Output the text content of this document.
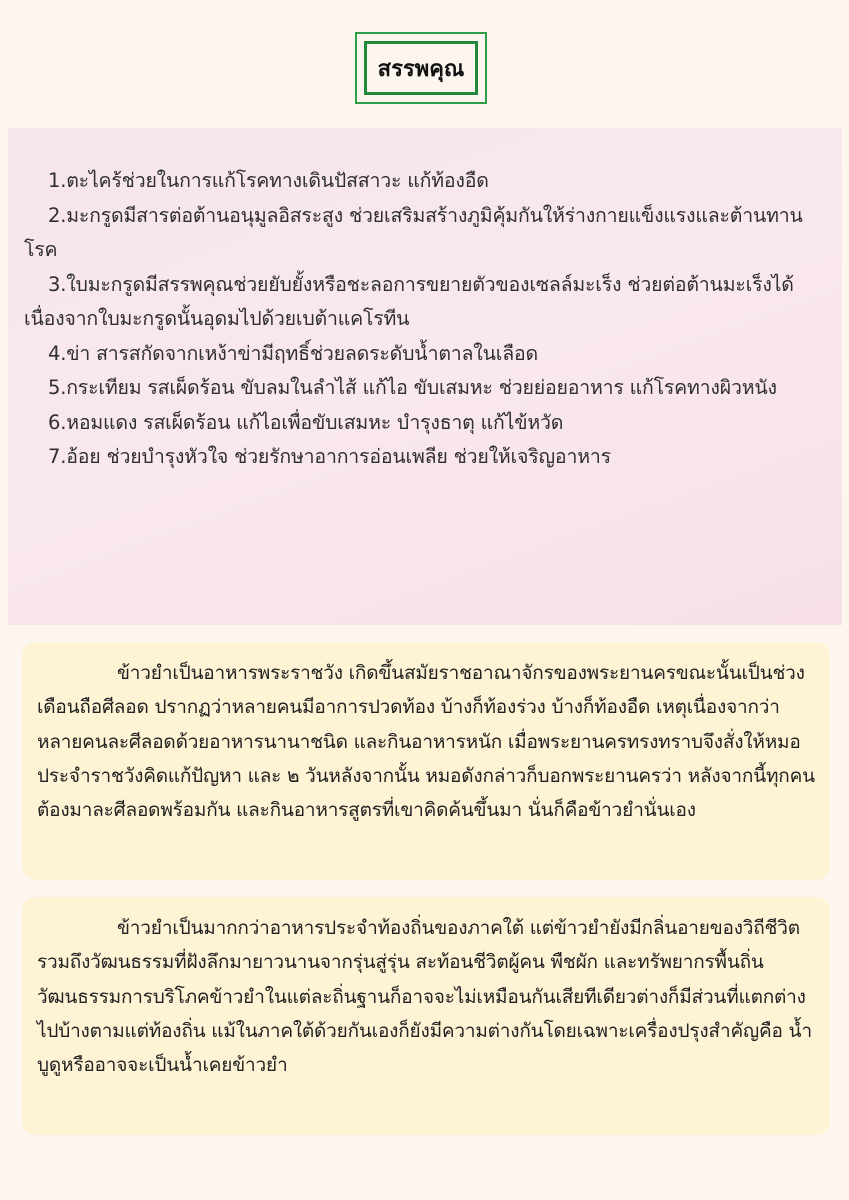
สรรพคุณ

1.ตะไคร้ช่วยในการแก้โรคทางเดินปัสสาวะ แก้ท้องอืด

2.มะกรูดมีสารต่อต้านอนุมูลอิสระสูง ช่วยเสริมสร้างภูมิคุ้มกันให้ร่างกายแข็งแรงและต้านทานโรค

3.ใบมะกรูดมีสรรพคุณช่วยยับยั้งหรือชะลอการขยายตัวของเซลล์มะเร็ง ช่วยต่อต้านมะเร็งได้ เนื่องจากใบมะกรูดนั้นอุดมไปด้วยเบต้าแคโรทีน

4.ข่า สารสกัดจากเหง้าข่ามีฤทธิ์ช่วยลดระดับน้ำตาลในเลือด

5.กระเทียม รสเผ็ดร้อน ขับลมในลำไส้ แก้ไอ ขับเสมหะ ช่วยย่อยอาหาร แก้โรคทางผิวหนัง

6.หอมแดง รสเผ็ดร้อน แก้ไอเพื่อขับเสมหะ บำรุงธาตุ แก้ไข้หวัด

7.อ้อย ช่วยบำรุงหัวใจ ช่วยรักษาอาการอ่อนเพลีย ช่วยให้เจริญอาหาร

ข้าวยำเป็นอาหารพระราชวัง เกิดขึ้นสมัยราชอาณาจักรของพระยานครขณะนั้นเป็นช่วงเดือนถือศีลอด ปรากฏว่าหลายคนมีอาการปวดท้อง บ้างก็ท้องร่วง บ้างก็ท้องอืด เหตุเนื่องจากว่าหลายคนละศีลอดด้วยอาหารนานาชนิด และกินอาหารหนัก เมื่อพระยานครทรงทราบจึงสั่งให้หมอประจำราชวังคิดแก้ปัญหา และ ๒ วันหลังจากนั้น หมอดังกล่าวก็บอกพระยานครว่า หลังจากนี้ทุกคนต้องมาละศีลอดพร้อมกัน และกินอาหารสูตรที่เขาคิดค้นขึ้นมา นั่นก็คือข้าวยำนั่นเอง

ข้าวยำเป็นมากกว่าอาหารประจำท้องถิ่นของภาคใต้ แต่ข้าวยำยังมีกลิ่นอายของวิถีชีวิตรวมถึงวัฒนธรรมที่ฝังลึกมายาวนานจากรุ่นสู่รุ่น สะท้อนชีวิตผู้คน พืชผัก และทรัพยากรพื้นถิ่น วัฒนธรรมการบริโภคข้าวยำในแต่ละถิ่นฐานก็อาจจะไม่เหมือนกันเสียทีเดียวต่างก็มีส่วนที่แตกต่างไปบ้างตามแต่ท้องถิ่น แม้ในภาคใต้ด้วยกันเองก็ยังมีความต่างกันโดยเฉพาะเครื่องปรุงสำคัญคือ น้ำบูดูหรืออาจจะเป็นน้ำเคยข้าวยำ
